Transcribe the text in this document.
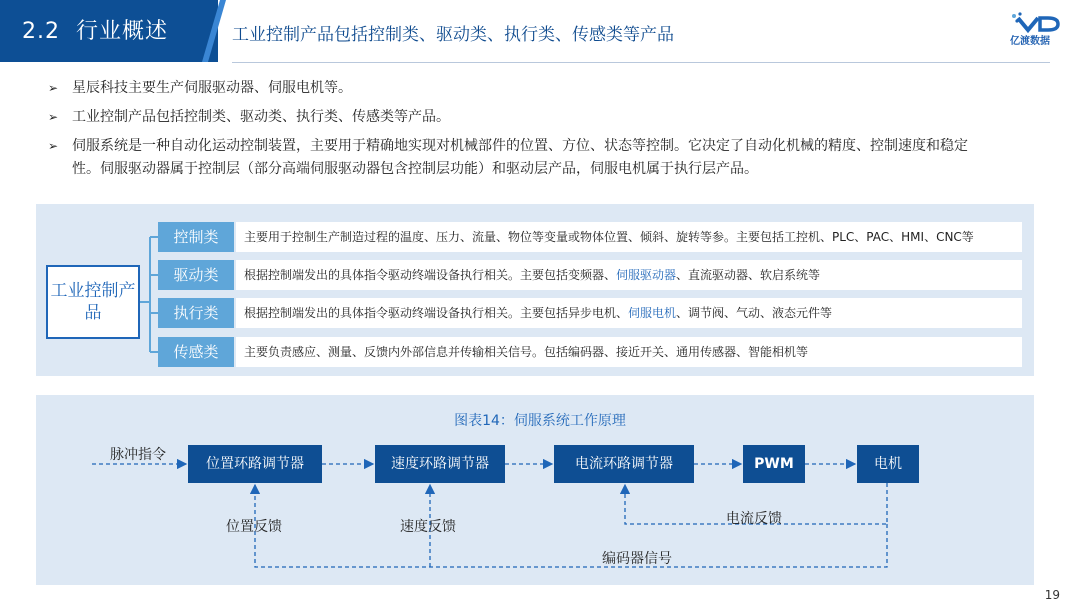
2.2 行业概述	工业控制产品包括控制类、驱动类、执行类、传感类等产品	亿渡数据
➢ 星辰科技主要生产伺服驱动器、伺服电机等。
➢ 工业控制产品包括控制类、驱动类、执行类、传感类等产品。
➢ 伺服系统是一种自动化运动控制装置，主要用于精确地实现对机械部件的位置、方位、状态等控制。它决定了自动化机械的精度、控制速度和稳定性。伺服驱动器属于控制层（部分高端伺服驱动器包含控制层功能）和驱动层产品，伺服电机属于执行层产品。
工业控制产品
控制类	主要用于控制生产制造过程的温度、压力、流量、物位等变量或物体位置、倾斜、旋转等参。主要包括工控机、PLC、PAC、HMI、CNC等
驱动类	根据控制端发出的具体指令驱动终端设备执行相关。主要包括变频器、伺服驱动器、直流驱动器、软启系统等
执行类	根据控制端发出的具体指令驱动终端设备执行相关。主要包括异步电机、伺服电机、调节阀、气动、液态元件等
传感类	主要负责感应、测量、反馈内外部信息并传输相关信号。包括编码器、接近开关、通用传感器、智能相机等
图表14：伺服系统工作原理
脉冲指令
位置环路调节器	速度环路调节器	电流环路调节器	PWM	电机
位置反馈	速度反馈	电流反馈
编码器信号
19
